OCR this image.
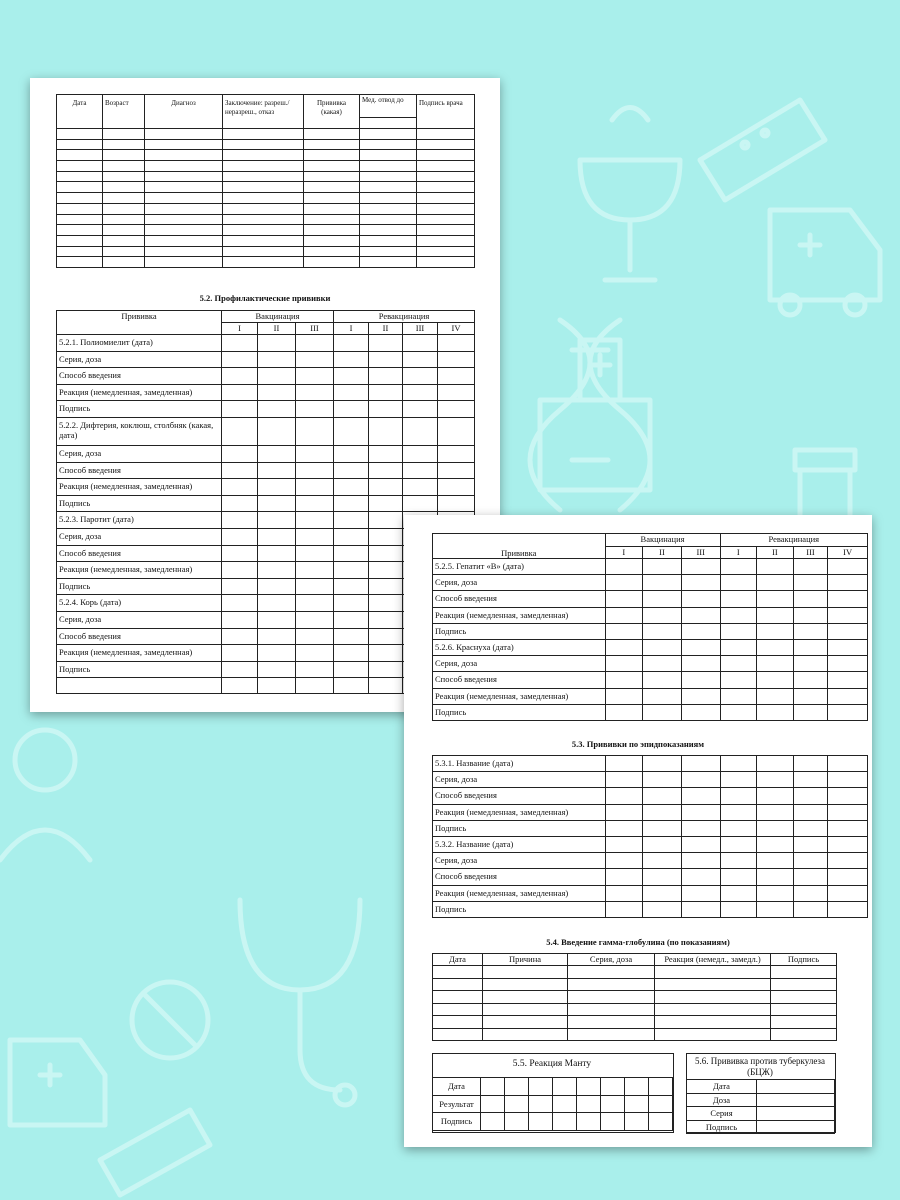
Дата	Возраст	Диагноз	Заключение: разреш./неразреш., отказ	Прививка (какая)	Мед. отвод до	Подпись врача

5.2. Профилактические прививки
Прививка	Вакцинация			Ревакцинация			
	I	II	III	I	II	III	IV
5.2.1. Полиомиелит (дата)							
Серия, доза							
Способ введения							
Реакция (немедленная, замедленная)							
Подпись							
5.2.2. Дифтерия, коклюш, столбняк (какая, дата)							
Серия, доза							
Способ введения							
Реакция (немедленная, замедленная)							
Подпись							
5.2.3. Паротит (дата)							
Серия, доза							
Способ введения							
Реакция (немедленная, замедленная)							
Подпись							
5.2.4. Корь (дата)							
Серия, доза							
Способ введения							
Реакция (немедленная, замедленная)							
Подпись							

Прививка	Вакцинация			Ревакцинация			
	I	II	III	I	II	III	IV
5.2.5. Гепатит «В» (дата)							
Серия, доза							
Способ введения							
Реакция (немедленная, замедленная)							
Подпись							
5.2.6. Краснуха (дата)							
Серия, доза							
Способ введения							
Реакция (немедленная, замедленная)							
Подпись							
5.3. Прививки по эпидпоказаниям
5.3.1. Название (дата)							
Серия, доза							
Способ введения							
Реакция (немедленная, замедленная)							
Подпись							
5.3.2. Название (дата)							
Серия, доза							
Способ введения							
Реакция (немедленная, замедленная)							
Подпись							
5.4. Введение гамма-глобулина (по показаниям)
Дата	Причина	Серия, доза	Реакция (немедл., замедл.)	Подпись

5.5. Реакция Манту
Дата								
Результат								
Подпись								
5.6. Прививка против туберкулеза (БЦЖ)
Дата	
Доза	
Серия	
Подпись	
